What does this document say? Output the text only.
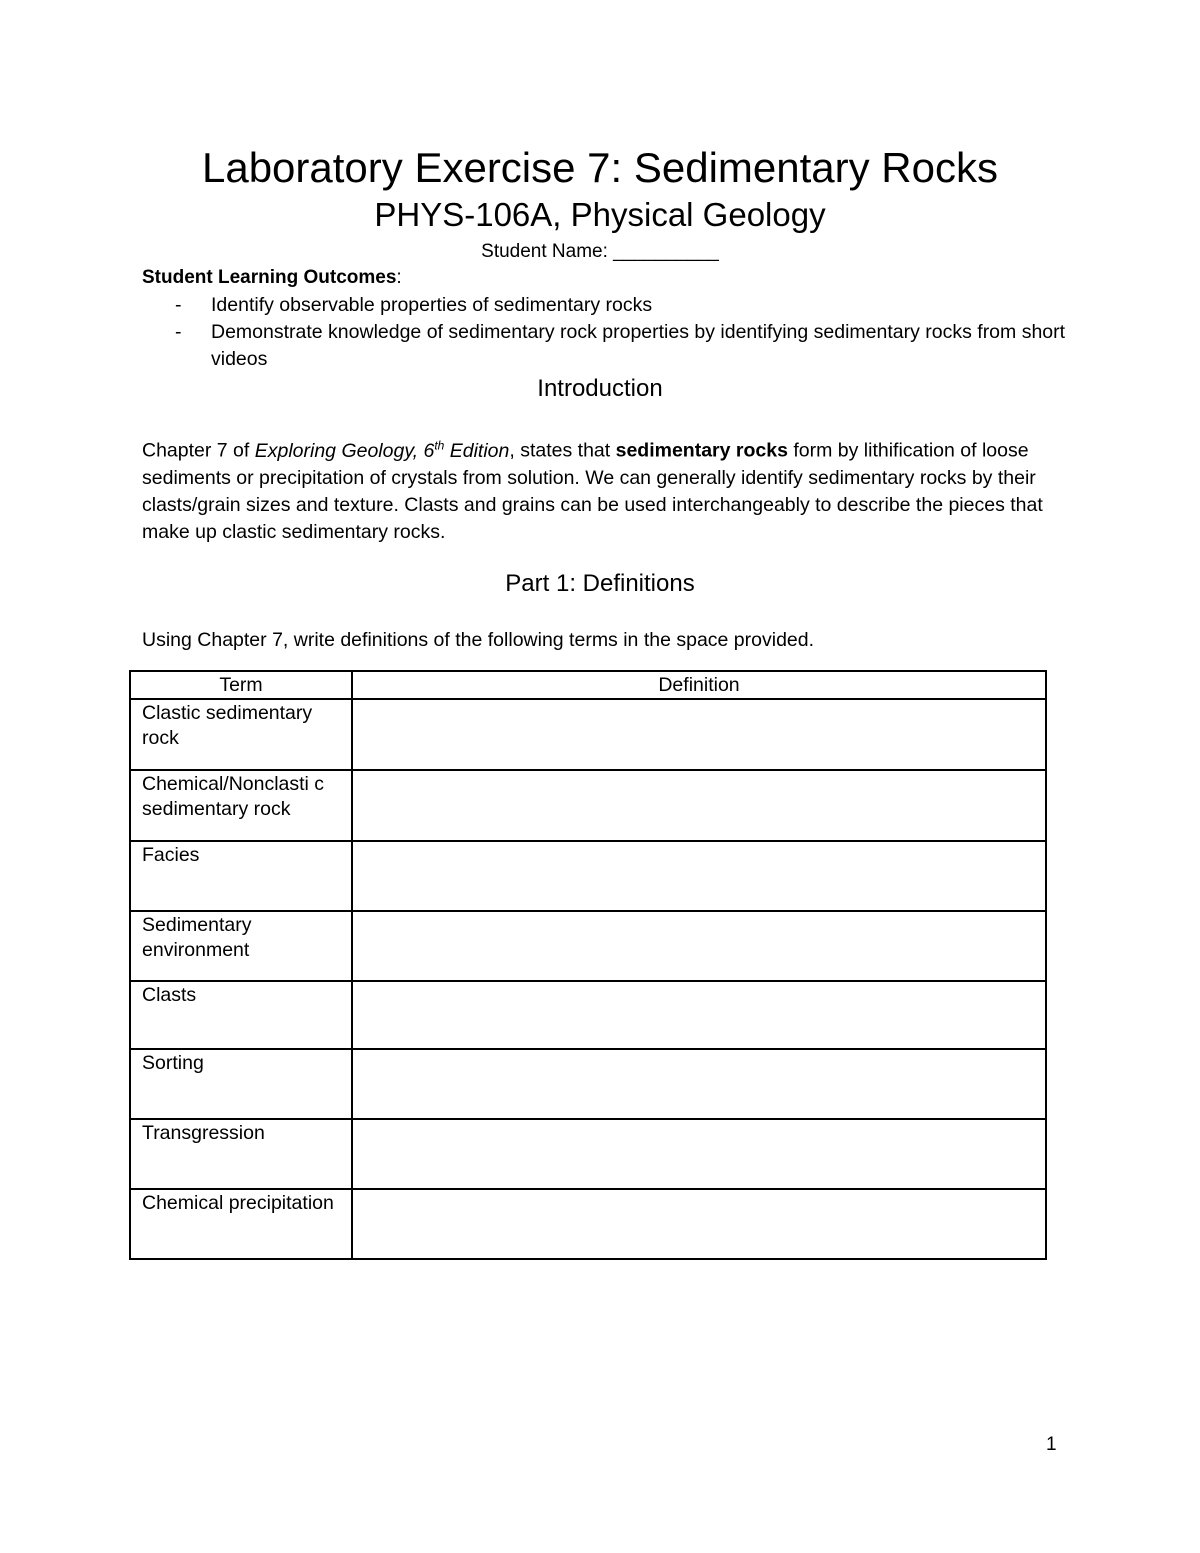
Laboratory Exercise 7: Sedimentary Rocks
PHYS-106A, Physical Geology
Student Name: __________
Student Learning Outcomes:
- Identify observable properties of sedimentary rocks
- Demonstrate knowledge of sedimentary rock properties by identifying sedimentary rocks from short videos
Introduction
Chapter 7 of Exploring Geology, 6th Edition, states that sedimentary rocks form by lithification of loose sediments or precipitation of crystals from solution. We can generally identify sedimentary rocks by their clasts/grain sizes and texture. Clasts and grains can be used interchangeably to describe the pieces that make up clastic sedimentary rocks.
Part 1: Definitions
Using Chapter 7, write definitions of the following terms in the space provided.
Term	Definition
Clastic sedimentary rock	
Chemical/Nonclasti c sedimentary rock	
Facies	
Sedimentary environment	
Clasts	
Sorting	
Transgression	
Chemical precipitation	
1
